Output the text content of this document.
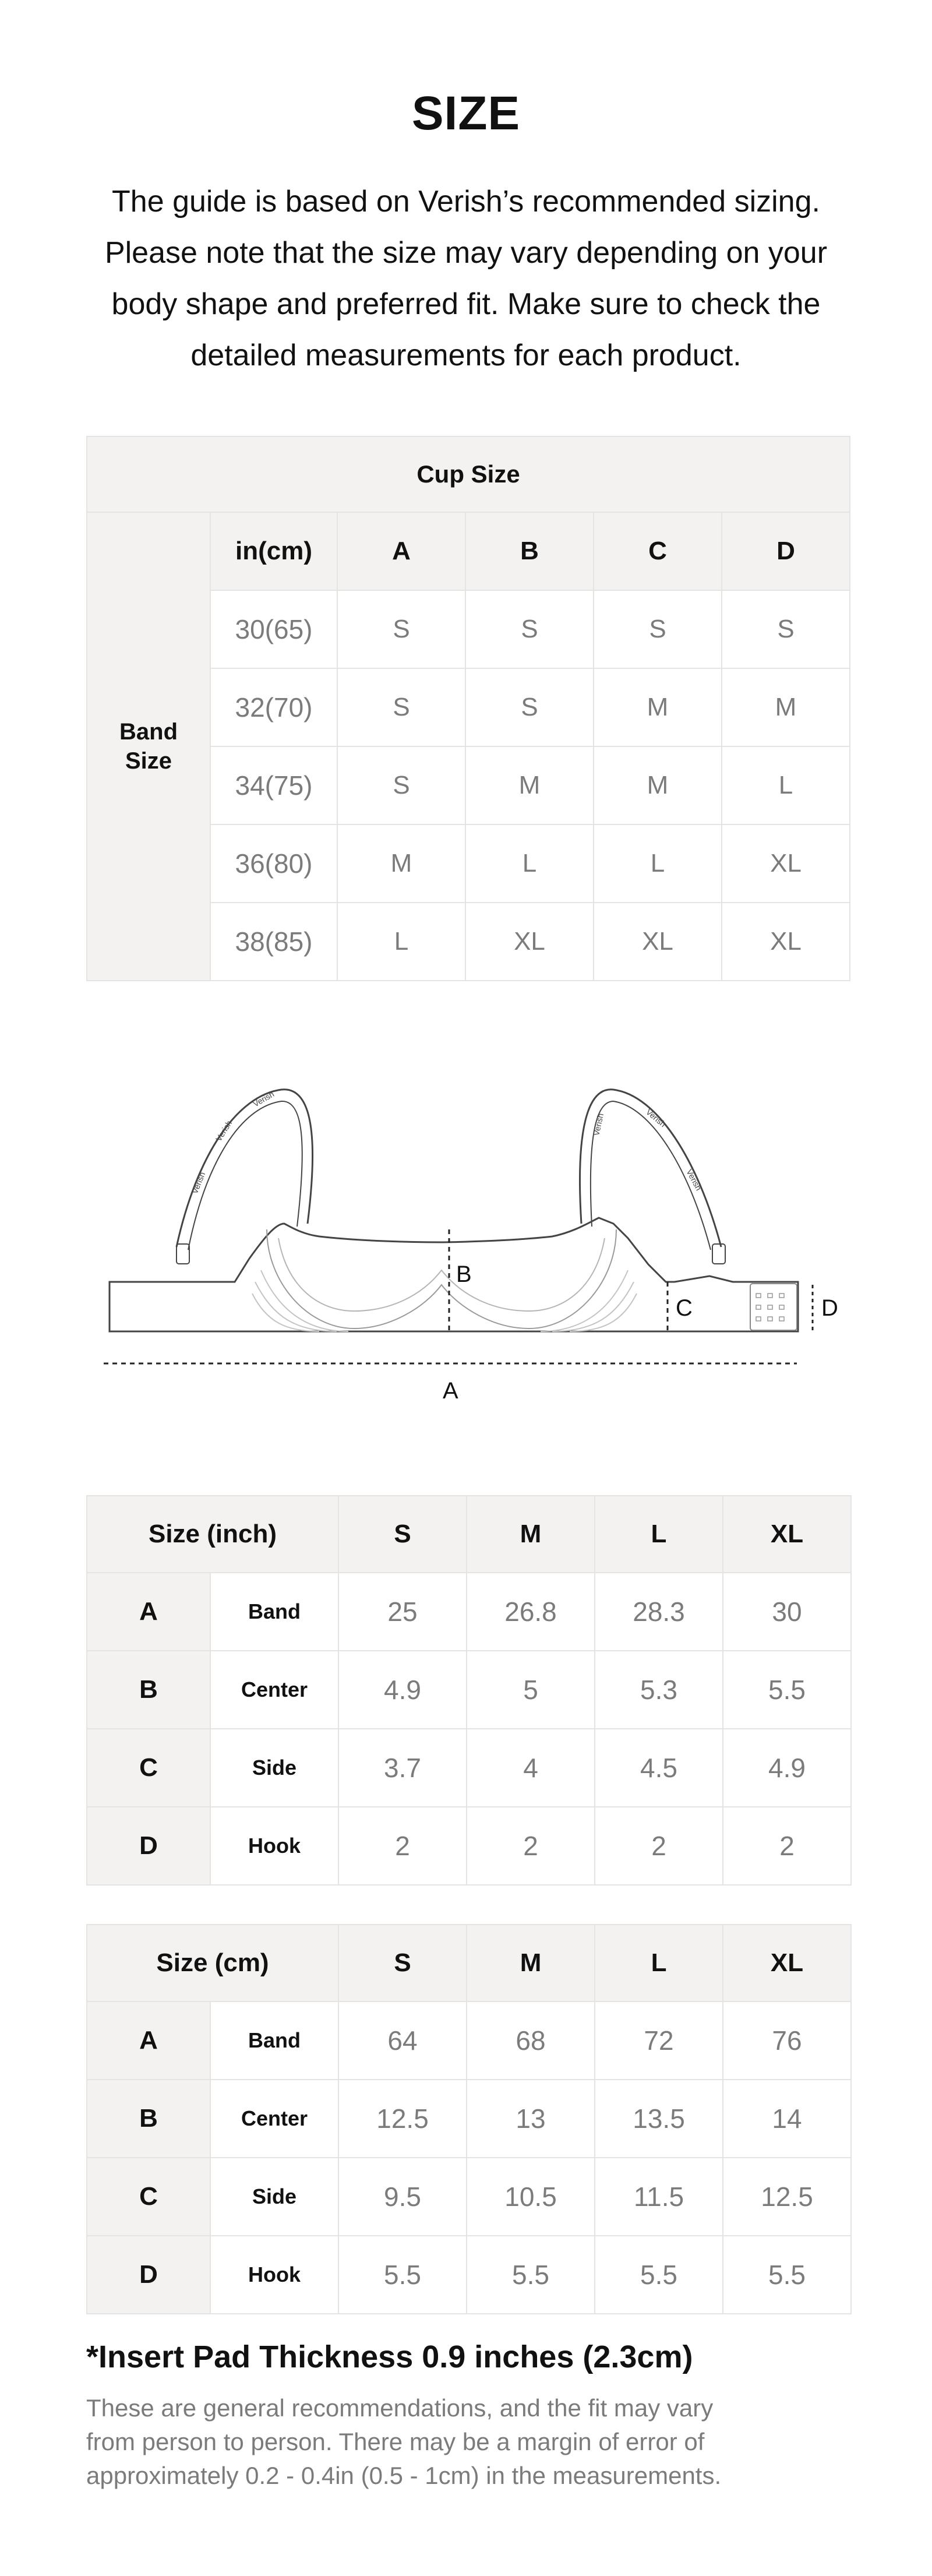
SIZE
The guide is based on Verish’s recommended sizing.
Please note that the size may vary depending on your
body shape and preferred fit. Make sure to check the
detailed measurements for each product.
Cup Size					
Band
Size	in(cm)	A	B	C	D
	30(65)	S	S	S	S
	32(70)	S	S	M	M
	34(75)	S	M	M	L
	36(80)	M	L	L	XL
	38(85)	L	XL	XL	XL
Verish
Verish
Verish
Verish	Verish
Verish
B
C	D
A
Size (inch)		S	M	L	XL
A	Band	25	26.8	28.3	30
B	Center	4.9	5	5.3	5.5
C	Side	3.7	4	4.5	4.9
D	Hook	2	2	2	2
Size (cm)		S	M	L	XL
A	Band	64	68	72	76
B	Center	12.5	13	13.5	14
C	Side	9.5	10.5	11.5	12.5
D	Hook	5.5	5.5	5.5	5.5
*Insert Pad Thickness 0.9 inches (2.3cm)
These are general recommendations, and the fit may vary
from person to person. There may be a margin of error of
approximately 0.2 - 0.4in (0.5 - 1cm) in the measurements.
